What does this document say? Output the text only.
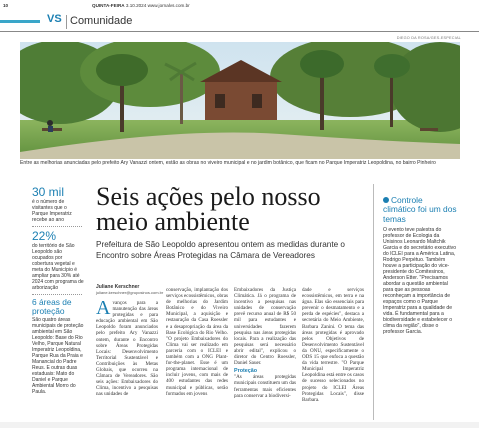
10	QUINTA-FEIRA 3.10.2024 www.jornalvs.com.br
VS Comunidade
DIEGO DA ROSA/GES-ESPECIAL
Entre as melhorias anunciadas pelo prefeito Ary Vanazzi ontem, estão as obras no viveiro municipal e no jardim botânico, que ficam no Parque Imperatriz Leopoldina, no bairro Pinheiro
30 mil
é o número de visitantes que o Parque Imperatriz recebe ao ano
22%
do território de São Leopoldo são ocupados por cobertura vegetal e meta do Município é ampliar para 30% até 2024 com programa de arborização
6 áreas de proteção
São quatro áreas municipais de proteção ambiental em São Leopoldo: Base do Rio Velho, Parque Natural Imperatriz Leopoldina, Parque Rua da Praia e Manancial do Padre Reus. E outras duas estaduais: Mato do Daniel e Parque Ambiental Morro do Paula.
Seis ações pelo nosso meio ambiente
Prefeitura de São Leopoldo apresentou ontem as medidas durante o Encontro sobre Áreas Protegidas na Câmara de Vereadores
Juliane Kerschner
juliane.kerschner@gruposinos.com.br
A vanços para a manutenção das áreas protegidas e para educação ambiental em São Leopoldo foram anunciados pelo prefeito Ary Vanazzi ontem, durante o Encontro sobre Áreas Protegidas Locais: Desenvolvimento Territorial Sustentável e Contribuições às Metas Globais, que ocorreu na Câmara de Vereadores. São seis ações: Embaixadores do Clima, incentivo a pesquisas nas unidades de
conservação, implantação dos serviços ecossistêmicos, obras de melhorias do Jardim Botânico e do Viveiro Municipal, a aquisição e restauração da Casa Roessler e a desapropriação da área da Base Ecológica do Rio Velho. "O projeto Embaixadores do Clima vai ser realizado em parceria com o ICLEI e também com a ONG Plant-for-the-planet. Esse é um programa internacional de incluir jovens, com mais de 400 estudantes das redes municipal e públicas, serão formados em jovens
Embaixadores da Justiça Climática. Já o programa de incentivo a pesquisas nas unidades de conservação prevê recurso anual de R$ 50 mil para estudantes e universidades fazerem pesquisa nas áreas protegidas locais. Para a realização das pesquisas será necessário abrir edital", explicou o diretor do Centro Roessler, Daniel Sauer.
Proteção
"As áreas protegidas municipais constituem um das ferramentas mais eficientes para conservar a biodiversi-
dade e serviços ecossistêmicos, em terra e na água. Elas são essenciais para prevenir o desmatamento e a perda de espécies", destaca a secretária do Meio Ambiente, Barbara Zanini. O tema das áreas protegidas é aprovado pelos Objetivos de Desenvolvimento Sustentável da ONU, especificamente o ODS 15 que enfoca a questão da vida terrestre. "O Parque Municipal Imperatriz Leopoldina está entre os casos de sucesso selecionados no projeto do ICLEI Áreas Protegidas Locais", disse Barbara.
Controle climático foi um dos temas
O evento teve palestra do professor de Ecologia da Unisinos Leonardo Maltchik Garcia e do secretário executivo do ICLEI para a América Latina, Rodrigo Perpétuo. Também houve a participação do vice-presidente do Comitesinos, Anderson Etter. "Precisamos abordar a questão ambiental para que as pessoas reconheçam a importância de espaços como o Parque Imperatriz para a qualidade de vida. É fundamental para a biodiversidade e estabelecer o clima da região", disse o professor Garcia.
